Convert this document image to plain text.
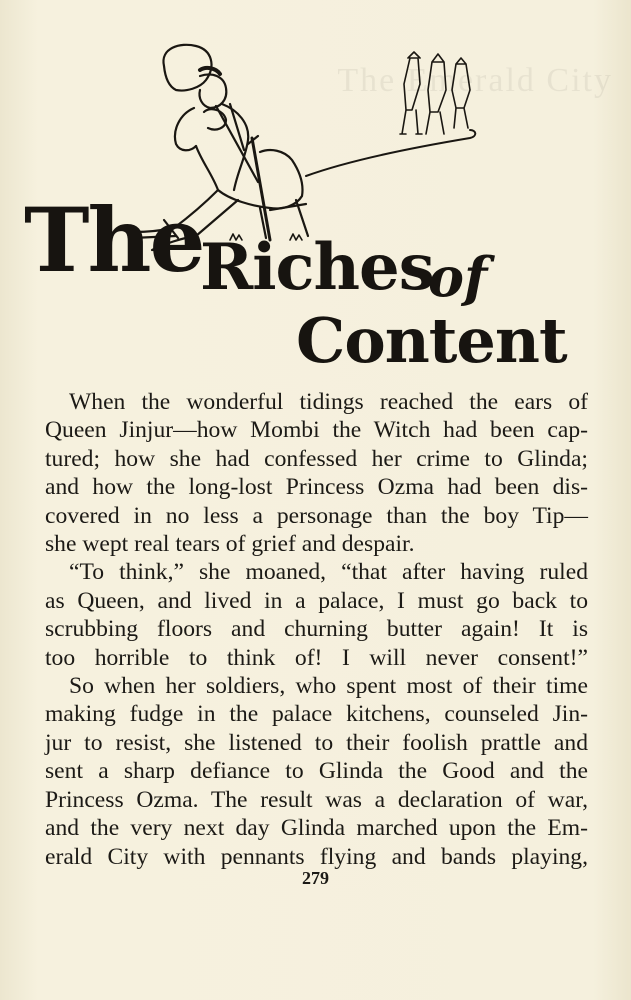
The Emerald City
The
Riches
of
Content

When the wonderful tidings reached the ears of

Queen Jinjur—how Mombi the Witch had been cap-

tured; how she had confessed her crime to Glinda;

and how the long-lost Princess Ozma had been dis-

covered in no less a personage than the boy Tip—

she wept real tears of grief and despair.

“To think,” she moaned, “that after having ruled

as Queen, and lived in a palace, I must go back to

scrubbing floors and churning butter again! It is

too horrible to think of! I will never consent!”

So when her soldiers, who spent most of their time

making fudge in the palace kitchens, counseled Jin-

jur to resist, she listened to their foolish prattle and

sent a sharp defiance to Glinda the Good and the

Princess Ozma. The result was a declaration of war,

and the very next day Glinda marched upon the Em-

erald City with pennants flying and bands playing,

279
